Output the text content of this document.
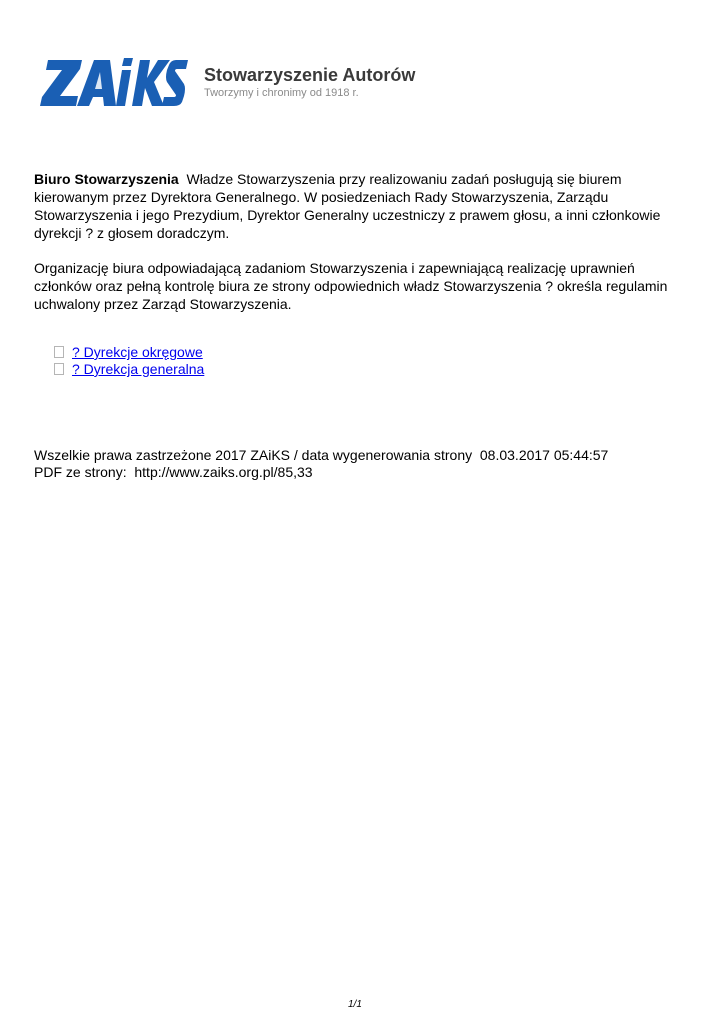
Stowarzyszenie Autorów
Tworzymy i chronimy od 1918 r.

Biuro Stowarzyszenia Władze Stowarzyszenia przy realizowaniu zadań posługują się biurem kierowanym przez Dyrektora Generalnego. W posiedzeniach Rady Stowarzyszenia, Zarządu Stowarzyszenia i jego Prezydium, Dyrektor Generalny uczestniczy z prawem głosu, a inni członkowie dyrekcji ? z głosem doradczym.

Organizację biura odpowiadającą zadaniom Stowarzyszenia i zapewniającą realizację uprawnień członków oraz pełną kontrolę biura ze strony odpowiednich władz Stowarzyszenia ? określa regulamin uchwalony przez Zarząd Stowarzyszenia.

? Dyrekcje okręgowe
? Dyrekcja generalna
Wszelkie prawa zastrzeżone 2017 ZAiKS / data wygenerowania strony 08.03.2017 05:44:57
PDF ze strony: http://www.zaiks.org.pl/85,33
1/1
